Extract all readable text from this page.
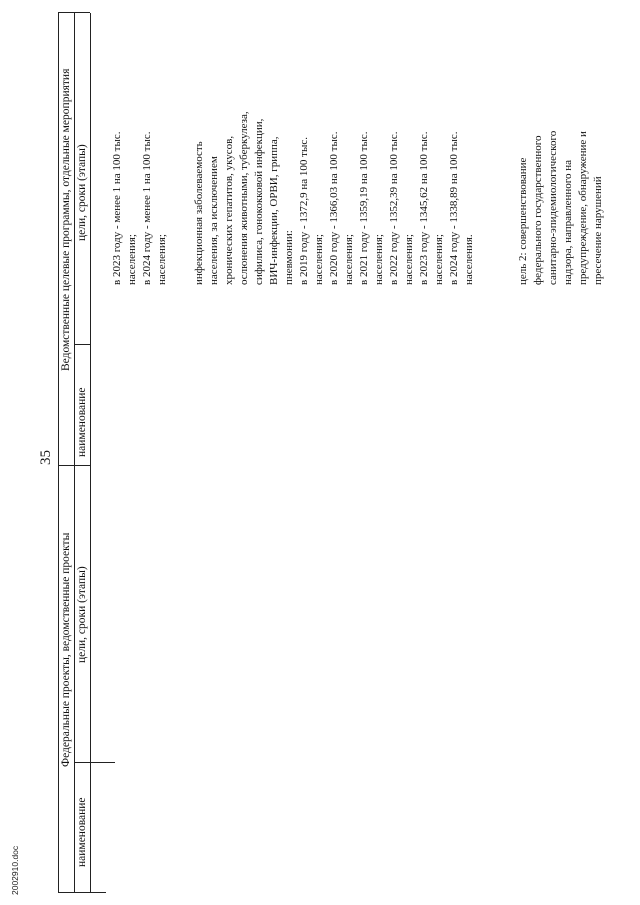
35
2002910.doc
Федеральные проекты, ведомственные проекты
наименование
цели, сроки (этапы)
Ведомственные целевые программы, отдельные мероприятия
наименование
цели, сроки (этапы) в 2023 году - менее 1 на 100 тыс. населения; в 2024 году - менее 1 на 100 тыс. населения; инфекционная заболеваемость населения, за исключением хронических гепатитов, укусов, ослюнения животными, туберкулеза, сифилиса, гонококковой инфекции, ВИЧ-инфекции, ОРВИ, гриппа, пневмонии: в 2019 году - 1372,9 на 100 тыс. населения; в 2020 году - 1366,03 на 100 тыс. населения; в 2021 году - 1359,19 на 100 тыс. населения; в 2022 году - 1352,39 на 100 тыс. населения; в 2023 году - 1345,62 на 100 тыс. населения; в 2024 году - 1338,89 на 100 тыс. населения.	цель 2: совершенствование федерального государственного санитарно-эпидемиологического надзора, направленного на предупреждение, обнаружение и пресечение нарушений
